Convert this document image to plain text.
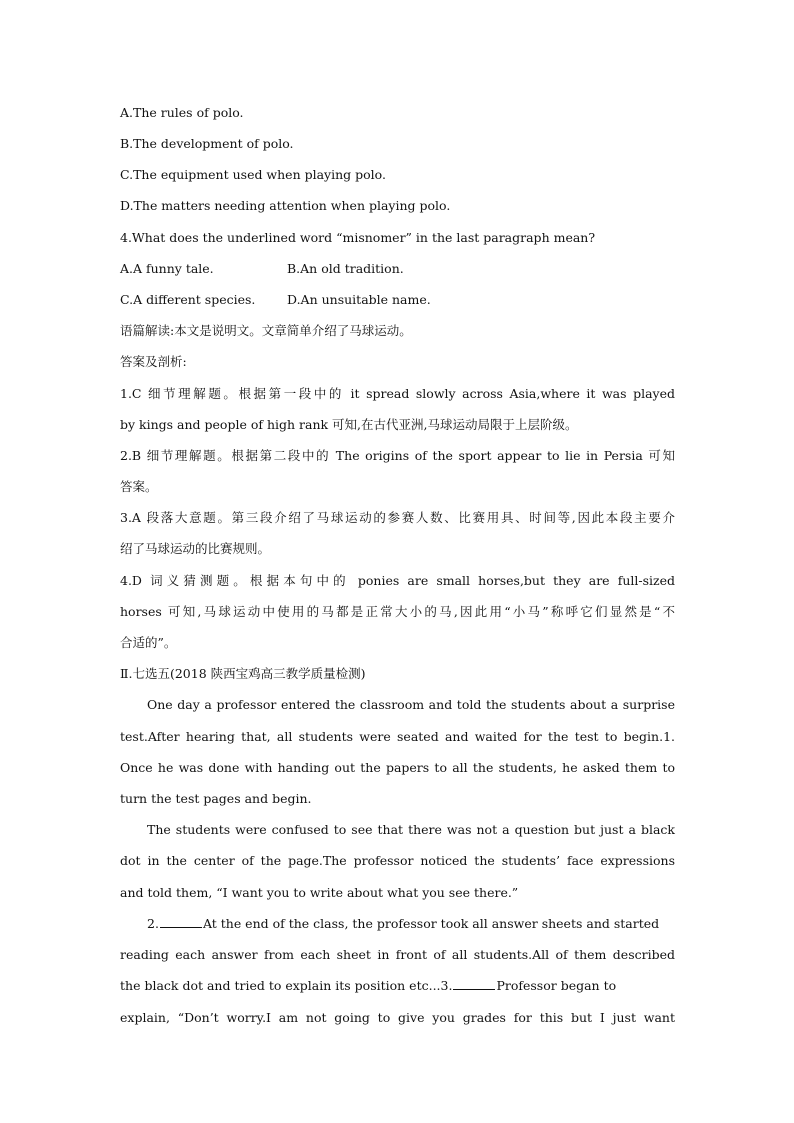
A.The rules of polo.
B.The development of polo.
C.The equipment used when playing polo.
D.The matters needing attention when playing polo.
4.What does the underlined word “misnomer” in the last paragraph mean?
A.A funny tale.	B.An old tradition.
C.A different species.	D.An unsuitable name.
语篇解读:本文是说明文。文章简单介绍了马球运动。
答案及剖析:
1.C 细节理解题。根据第一段中的 it spread slowly across Asia,where it was played
by kings and people of high rank 可知,在古代亚洲,马球运动局限于上层阶级。
2.B 细节理解题。根据第二段中的 The origins of the sport appear to lie in Persia 可知
答案。
3.A 段落大意题。第三段介绍了马球运动的参赛人数、比赛用具、时间等,因此本段主要介
绍了马球运动的比赛规则。
4.D 词义猜测题。根据本句中的 ponies are small horses,but they are full-sized
horses 可知,马球运动中使用的马都是正常大小的马,因此用“小马”称呼它们显然是“不
合适的”。
Ⅱ.七选五(2018 陕西宝鸡高三教学质量检测)
One day a professor entered the classroom and told the students about a surprise
test.After hearing that, all students were seated and waited for the test to begin.1.
Once he was done with handing out the papers to all the students, he asked them to
turn the test pages and begin.
The students were confused to see that there was not a question but just a black
dot in the center of the page.The professor noticed the students’ face expressions
and told them, “I want you to write about what you see there.”
2.	At the end of the class, the professor took all answer sheets and started
reading each answer from each sheet in front of all students.All of them described
the black dot and tried to explain its position etc...3.	Professor began to
explain, “Don’t worry.I am not going to give you grades for this but I just want
